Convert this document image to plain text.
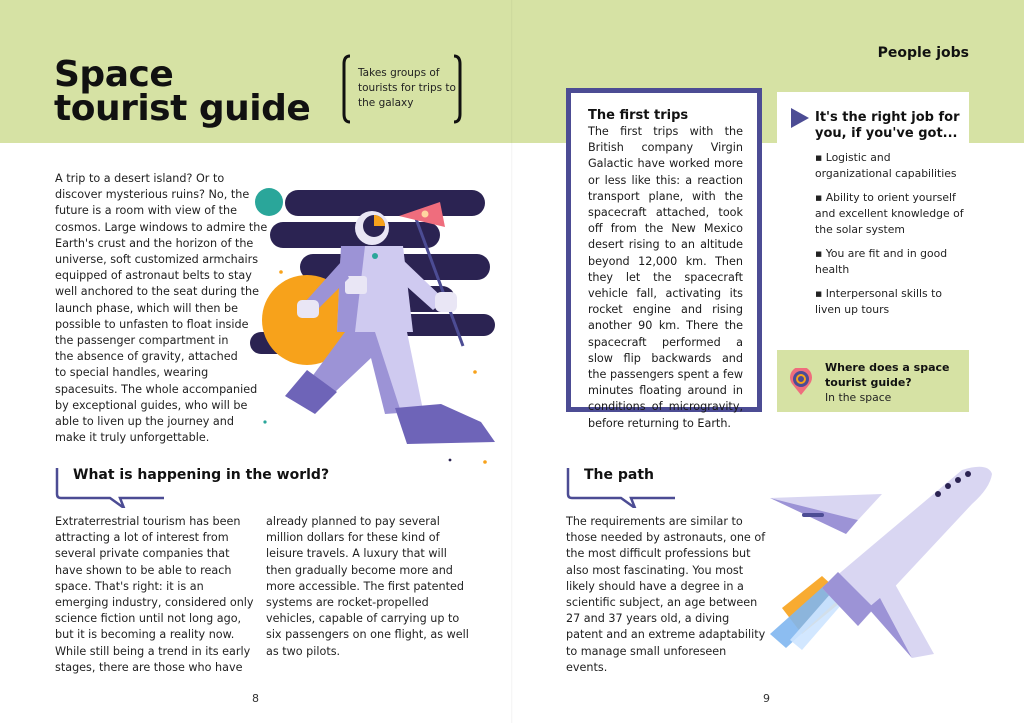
Space
tourist guide
Takes groups of tourists for trips to the galaxy
People jobs
A trip to a desert island? Or to
discover mysterious ruins? No, the
future is a room with view of the
cosmos. Large windows to admire the
Earth's crust and the horizon of the
universe, soft customized armchairs
equipped of astronaut belts to stay
well anchored to the seat during the
launch phase, which will then be
possible to unfasten to float inside
the passenger compartment in
the absence of gravity, attached
to special handles, wearing
spacesuits. The whole accompanied
by exceptional guides, who will be
able to liven up the journey and
make it truly unforgettable.
The first trips

The first trips with the British company Virgin Galactic have worked more or less like this: a reaction transport plane, with the spacecraft attached, took off from the New Mexico desert rising to an altitude beyond 12,000 km. Then they let the spacecraft vehicle fall, activating its rocket engine and rising another 90 km. There the spacecraft performed a slow flip backwards and the passengers spent a few minutes floating around in conditions of microgravity, before returning to Earth.

It's the right job for you, if you've got...
▪ Logistic and organizational capabilities
▪ Ability to orient yourself and excellent knowledge of the solar system
▪ You are fit and in good health
▪ Interpersonal skills to liven up tours
Where does a space tourist guide?
In the space
What is happening in the world?	The path
Extraterrestrial tourism has been attracting a lot of interest from several private companies that have shown to be able to reach space. That's right: it is an emerging industry, considered only science fiction until not long ago, but it is becoming a reality now. While still being a trend in its early stages, there are those who have
already planned to pay several million dollars for these kind of leisure travels. A luxury that will then gradually become more and more accessible. The first patented systems are rocket-propelled vehicles, capable of carrying up to six passengers on one flight, as well as two pilots.
The requirements are similar to those needed by astronauts, one of the most difficult professions but also most fascinating. You most likely should have a degree in a scientific subject, an age between 27 and 37 years old, a diving patent and an extreme adaptability to manage small unforeseen events.
8	9
